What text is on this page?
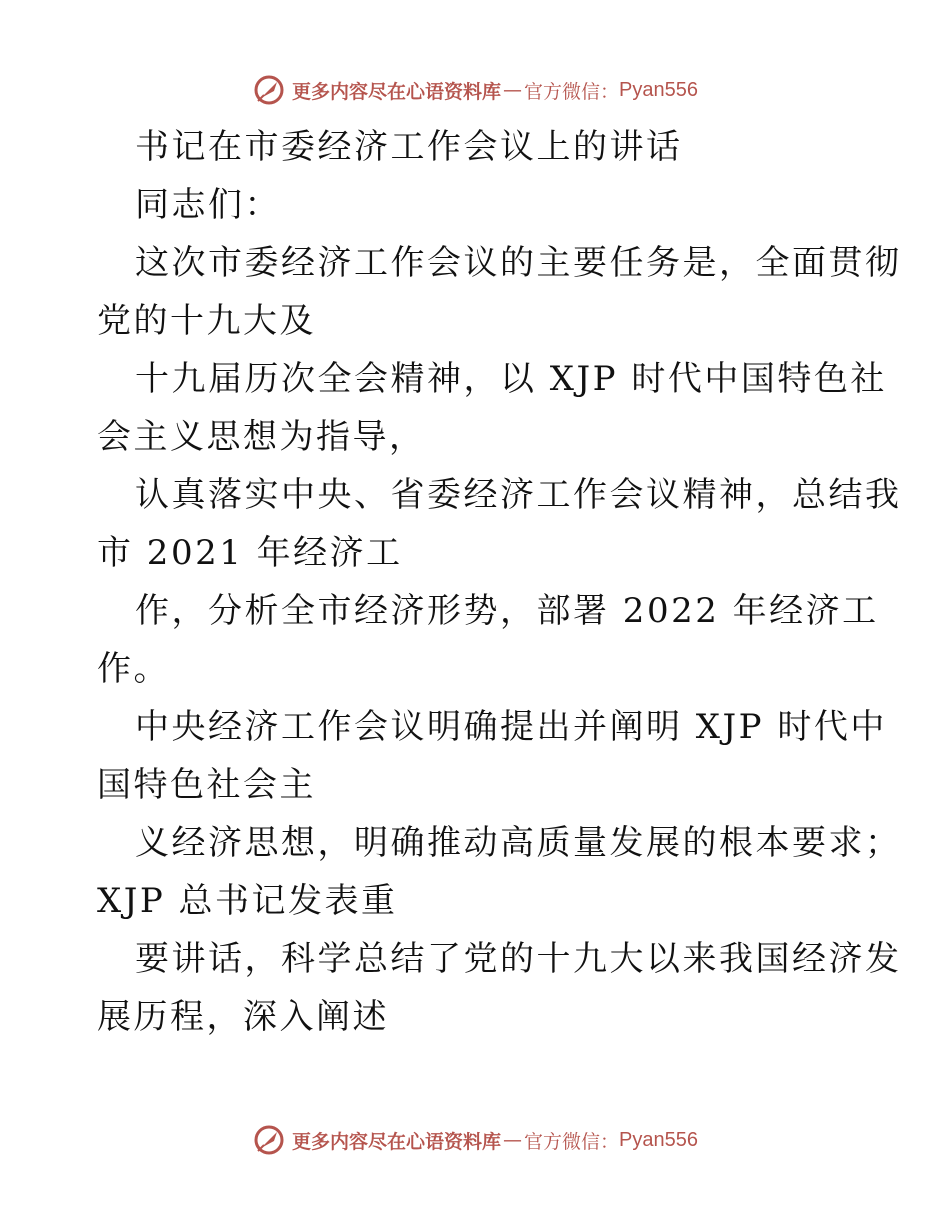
更多内容尽在心语资料库 — 官方微信： Pyan556
书记在市委经济工作会议上的讲话
同志们：
这次市委经济工作会议的主要任务是，全面贯彻
党的十九大及
十九届历次全会精神，以 XJP 时代中国特色社
会主义思想为指导，
认真落实中央、省委经济工作会议精神，总结我
市 2021 年经济工
作，分析全市经济形势，部署 2022 年经济工
作。
中央经济工作会议明确提出并阐明 XJP 时代中
国特色社会主
义经济思想，明确推动高质量发展的根本要求；
XJP 总书记发表重
要讲话，科学总结了党的十九大以来我国经济发
展历程，深入阐述
更多内容尽在心语资料库 — 官方微信： Pyan556
